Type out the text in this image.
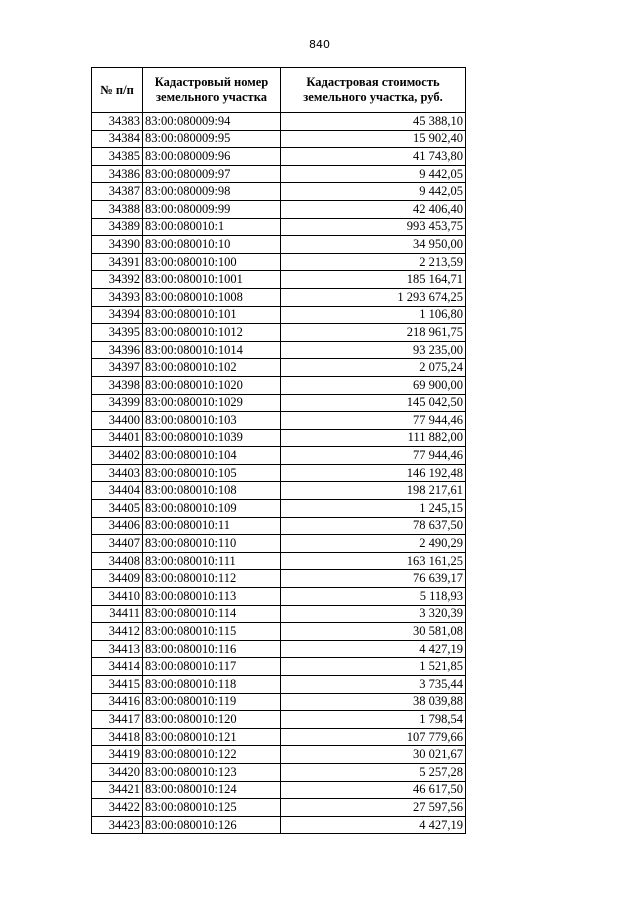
840
№ п/п	Кадастровый номер земельного участка	Кадастровая стоимость земельного участка, руб.
34383	83:00:080009:94	45 388,10
34384	83:00:080009:95	15 902,40
34385	83:00:080009:96	41 743,80
34386	83:00:080009:97	9 442,05
34387	83:00:080009:98	9 442,05
34388	83:00:080009:99	42 406,40
34389	83:00:080010:1	993 453,75
34390	83:00:080010:10	34 950,00
34391	83:00:080010:100	2 213,59
34392	83:00:080010:1001	185 164,71
34393	83:00:080010:1008	1 293 674,25
34394	83:00:080010:101	1 106,80
34395	83:00:080010:1012	218 961,75
34396	83:00:080010:1014	93 235,00
34397	83:00:080010:102	2 075,24
34398	83:00:080010:1020	69 900,00
34399	83:00:080010:1029	145 042,50
34400	83:00:080010:103	77 944,46
34401	83:00:080010:1039	111 882,00
34402	83:00:080010:104	77 944,46
34403	83:00:080010:105	146 192,48
34404	83:00:080010:108	198 217,61
34405	83:00:080010:109	1 245,15
34406	83:00:080010:11	78 637,50
34407	83:00:080010:110	2 490,29
34408	83:00:080010:111	163 161,25
34409	83:00:080010:112	76 639,17
34410	83:00:080010:113	5 118,93
34411	83:00:080010:114	3 320,39
34412	83:00:080010:115	30 581,08
34413	83:00:080010:116	4 427,19
34414	83:00:080010:117	1 521,85
34415	83:00:080010:118	3 735,44
34416	83:00:080010:119	38 039,88
34417	83:00:080010:120	1 798,54
34418	83:00:080010:121	107 779,66
34419	83:00:080010:122	30 021,67
34420	83:00:080010:123	5 257,28
34421	83:00:080010:124	46 617,50
34422	83:00:080010:125	27 597,56
34423	83:00:080010:126	4 427,19
